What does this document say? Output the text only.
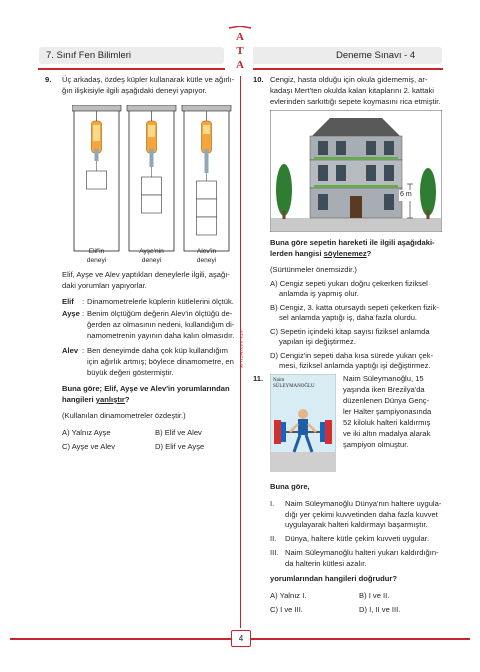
7. Sınıf Fen Bilimleri	Deneme Sınavı - 4
A
T
A
ATA YAYINCILIK
9. Üç arkadaş, özdeş küpler kullanarak kütle ve ağırlı-
ğın ilişkisiyle ilgili aşağıdaki deneyi yapıyor.
Elif'in
deneyi
Ayşe'nin
deneyi
Alev'in
deneyi
Elif, Ayşe ve Alev yaptıkları deneylerle ilgili, aşağı-
daki yorumları yapıyorlar.
Elif : Dinamometrelerle küplerin kütlelerini ölçtük.
Ayşe : Benim ölçtüğüm değerin Alev'in ölçtüğü de-
ğerden az olmasının nedeni, kullandığım di-
namometrenin yayının daha kalın olmasıdır.
Alev : Ben deneyimde daha çok küp kullandığım
için ağırlık artmış; böylece dinamometre, en
büyük değeri göstermiştir.
Buna göre; Elif, Ayşe ve Alev'in yorumlarından
hangileri yanlıştır?
(Kullanılan dinamometreler özdeştir.)
A) Yalnız Ayşe	B) Elif ve Alev
C) Ayşe ve Alev	D) Elif ve Ayşe
10. Cengiz, hasta olduğu için okula gidememiş, ar-
kadaşı Mert'ten okulda kalan kitaplarını 2. kattaki
evlerinden sarkıttığı sepete koymasını rica etmiştir.
6 m
Buna göre sepetin hareketi ile ilgili aşağıdaki-
lerden hangisi söylenemez?
(Sürtünmeler önemsizdir.)
A) Cengiz sepeti yukarı doğru çekerken fiziksel
anlamda iş yapmış olur.
B) Cengiz, 3. katta otursaydı sepeti çekerken fizik-
sel anlamda yaptığı iş, daha fazla olurdu.
C) Sepetin içindeki kitap sayısı fiziksel anlamda
yapılan işi değiştirmez.
D) Cengiz'in sepeti daha kısa sürede yukarı çek-
mesi, fiziksel anlamda yaptığı işi değiştirmez.
11. Naim
SÜLEYMANOĞLU
Naim Süleymanoğlu, 15
yaşında iken Brezilya'da
düzenlenen Dünya Genç-
ler Halter şampiyonasında
52 kiloluk halteri kaldırmış
ve iki altın madalya alarak
şampiyon olmuştur.
Buna göre,
I. Naim Süleymanoğlu Dünya'nın haltere uygula-
dığı yer çekimi kuvvetinden daha fazla kuvvet
uygulayarak halteri kaldırmayı başarmıştır.
II. Dünya, haltere kütle çekim kuvveti uygular.
III. Naim Süleymanoğlu halteri yukarı kaldırdığın-
da halterin kütlesi azalır.
yorumlarından hangileri doğrudur?
A) Yalnız I.	B) I ve II.
C) I ve III.	D) I, II ve III.
4
